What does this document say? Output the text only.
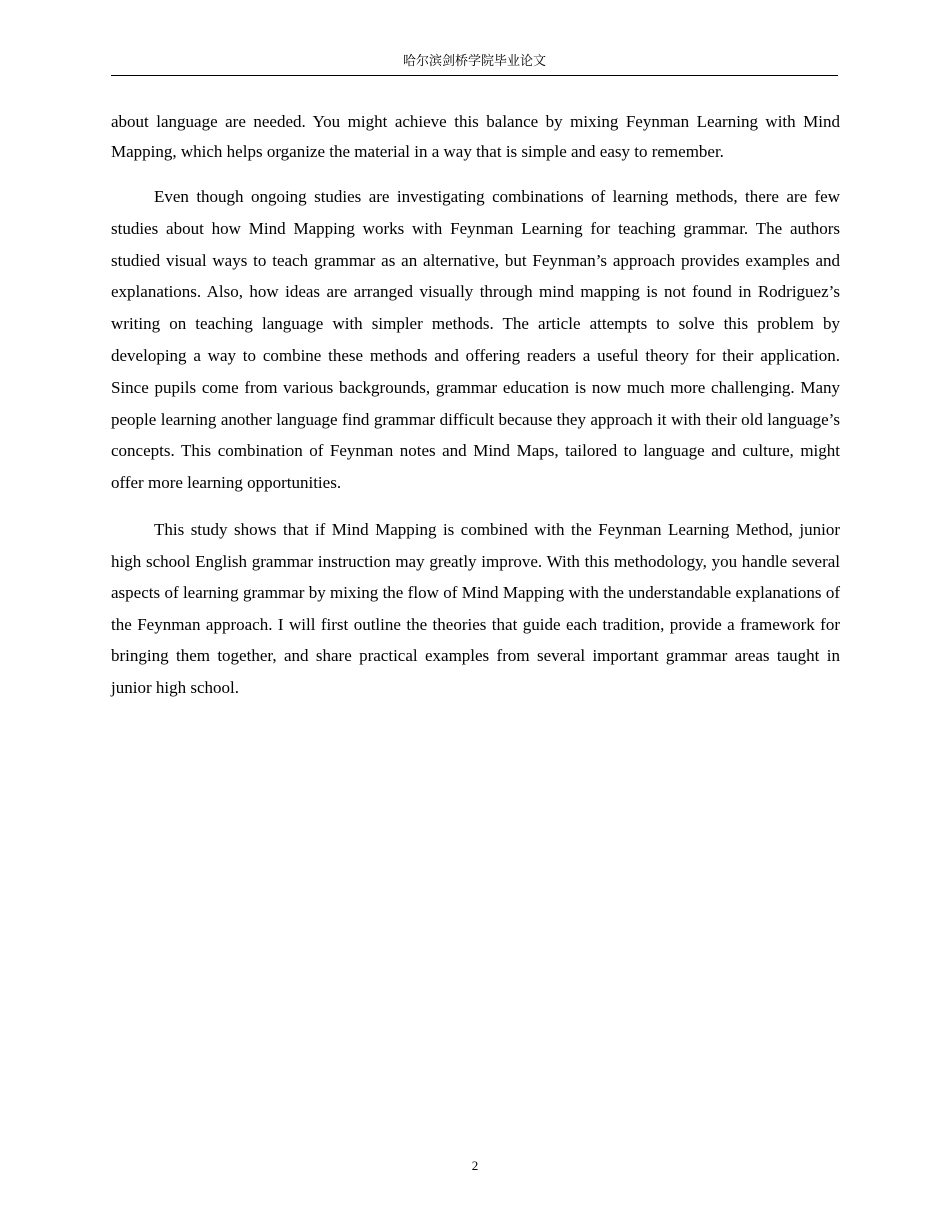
哈尔滨剑桥学院毕业论文

about language are needed. You might achieve this balance by mixing Feynman Learning with Mind Mapping, which helps organize the material in a way that is simple and easy to remember.

Even though ongoing studies are investigating combinations of learning methods, there are few studies about how Mind Mapping works with Feynman Learning for teaching grammar. The authors studied visual ways to teach grammar as an alternative, but Feynman’s approach provides examples and explanations. Also, how ideas are arranged visually through mind mapping is not found in Rodriguez’s writing on teaching language with simpler methods. The article attempts to solve this problem by developing a way to combine these methods and offering readers a useful theory for their application. Since pupils come from various backgrounds, grammar education is now much more challenging. Many people learning another language find grammar difficult because they approach it with their old language’s concepts. This combination of Feynman notes and Mind Maps, tailored to language and culture, might offer more learning opportunities.

This study shows that if Mind Mapping is combined with the Feynman Learning Method, junior high school English grammar instruction may greatly improve. With this methodology, you handle several aspects of learning grammar by mixing the flow of Mind Mapping with the understandable explanations of the Feynman approach. I will first outline the theories that guide each tradition, provide a framework for bringing them together, and share practical examples from several important grammar areas taught in junior high school.

2
